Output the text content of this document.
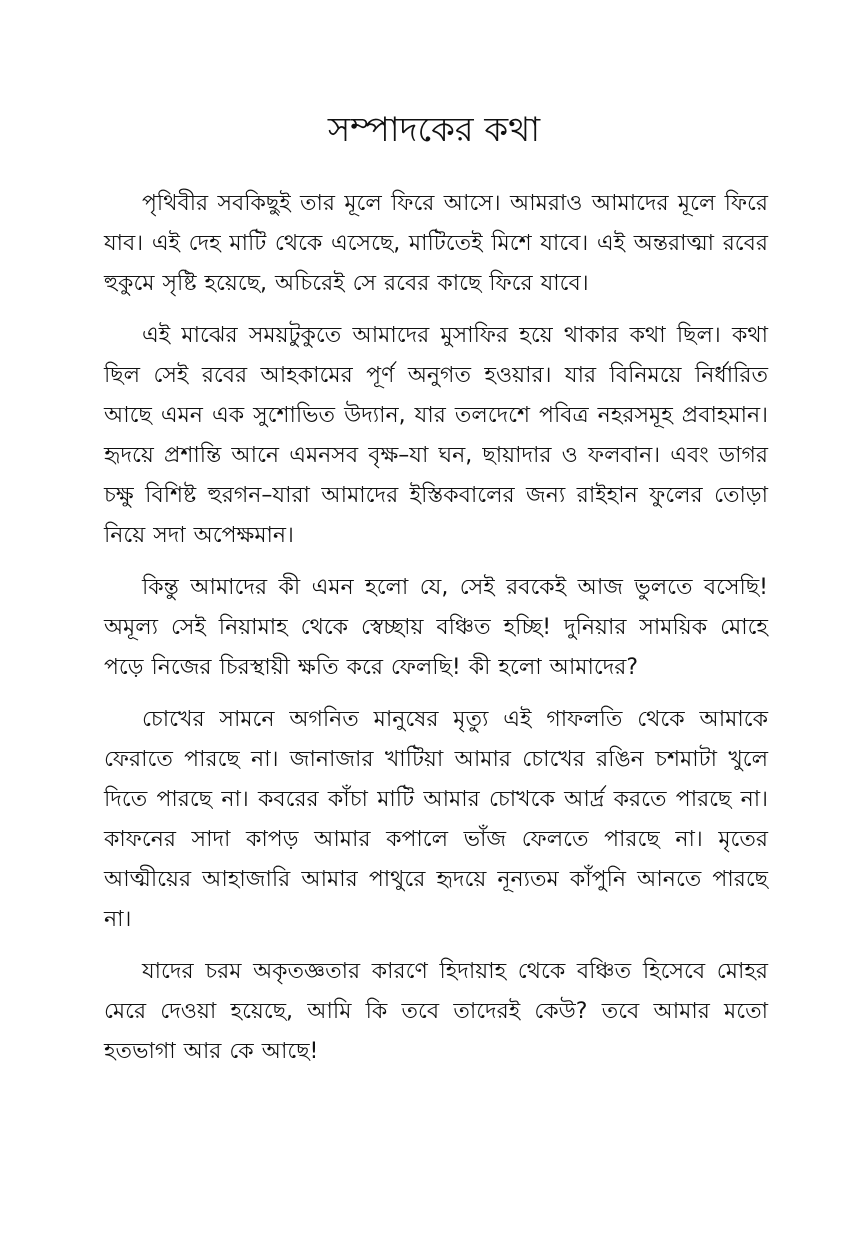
সম্পাদকের কথা

পৃথিবীর সবকিছুই তার মূলে ফিরে আসে। আমরাও আমাদের মূলে ফিরে যাব। এই দেহ মাটি থেকে এসেছে, মাটিতেই মিশে যাবে। এই অন্তরাত্মা রবের হুকুমে সৃষ্টি হয়েছে, অচিরেই সে রবের কাছে ফিরে যাবে।

এই মাঝের সময়টুকুতে আমাদের মুসাফির হয়ে থাকার কথা ছিল। কথা ছিল সেই রবের আহকামের পূর্ণ অনুগত হওয়ার। যার বিনিময়ে নির্ধারিত আছে এমন এক সুশোভিত উদ্যান, যার তলদেশে পবিত্র নহরসমূহ প্রবাহমান। হৃদয়ে প্রশান্তি আনে এমনসব বৃক্ষ–যা ঘন, ছায়াদার ও ফলবান। এবং ডাগর চক্ষু বিশিষ্ট হুরগন–যারা আমাদের ইস্তিকবালের জন্য রাইহান ফুলের তোড়া নিয়ে সদা অপেক্ষমান।

কিন্তু আমাদের কী এমন হলো যে, সেই রবকেই আজ ভুলতে বসেছি! অমূল্য সেই নিয়ামাহ থেকে স্বেচ্ছায় বঞ্চিত হচ্ছি! দুনিয়ার সাময়িক মোহে পড়ে নিজের চিরস্থায়ী ক্ষতি করে ফেলছি! কী হলো আমাদের?

চোখের সামনে অগনিত মানুষের মৃত্যু এই গাফলতি থেকে আমাকে ফেরাতে পারছে না। জানাজার খাটিয়া আমার চোখের রঙিন চশমাটা খুলে দিতে পারছে না। কবরের কাঁচা মাটি আমার চোখকে আর্দ্র করতে পারছে না। কাফনের সাদা কাপড় আমার কপালে ভাঁজ ফেলতে পারছে না। মৃতের আত্মীয়ের আহাজারি আমার পাথুরে হৃদয়ে নূন্যতম কাঁপুনি আনতে পারছে না।

যাদের চরম অকৃতজ্ঞতার কারণে হিদায়াহ থেকে বঞ্চিত হিসেবে মোহর মেরে দেওয়া হয়েছে, আমি কি তবে তাদেরই কেউ? তবে আমার মতো হতভাগা আর কে আছে!
